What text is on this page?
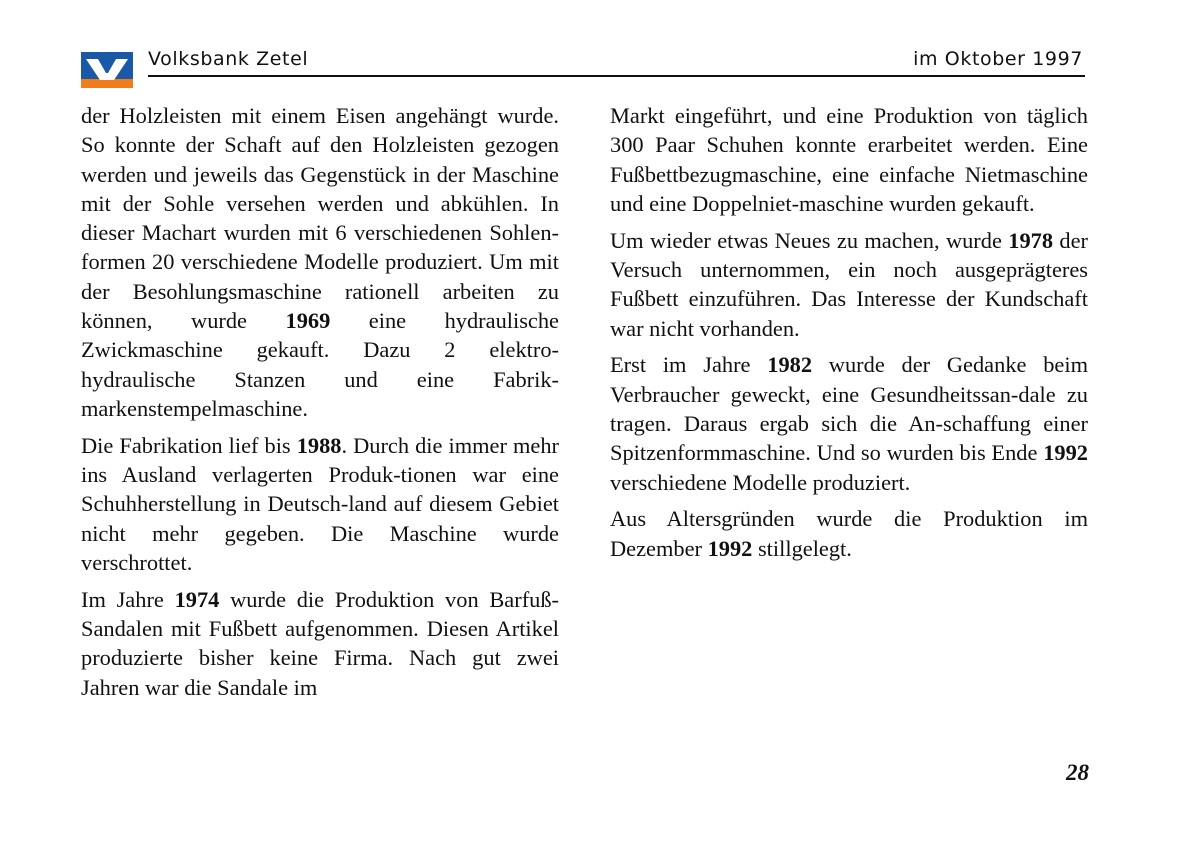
Volksbank Zetel	im Oktober 1997

der Holzleisten mit einem Eisen angehängt wurde. So konnte der Schaft auf den Holzleisten gezogen werden und jeweils das Gegenstück in der Maschine mit der Sohle versehen werden und abkühlen. In dieser Machart wurden mit 6 verschiedenen Sohlen-formen 20 verschiedene Modelle produziert. Um mit der Besohlungsmaschine rationell arbeiten zu können, wurde 1969 eine hydraulische Zwickmaschine gekauft. Dazu 2 elektro-hydraulische Stanzen und eine Fabrik-markenstempelmaschine.

Die Fabrikation lief bis 1988. Durch die immer mehr ins Ausland verlagerten Produk-tionen war eine Schuhherstellung in Deutsch-land auf diesem Gebiet nicht mehr gegeben. Die Maschine wurde verschrottet.

Im Jahre 1974 wurde die Produktion von Barfuß-Sandalen mit Fußbett aufgenommen. Diesen Artikel produzierte bisher keine Firma. Nach gut zwei Jahren war die Sandale im

Markt eingeführt, und eine Produktion von täglich 300 Paar Schuhen konnte erarbeitet werden. Eine Fußbettbezugmaschine, eine einfache Nietmaschine und eine Doppelniet-maschine wurden gekauft.

Um wieder etwas Neues zu machen, wurde 1978 der Versuch unternommen, ein noch ausgeprägteres Fußbett einzuführen. Das Interesse der Kundschaft war nicht vorhanden.

Erst im Jahre 1982 wurde der Gedanke beim Verbraucher geweckt, eine Gesundheitssan-dale zu tragen. Daraus ergab sich die An-schaffung einer Spitzenformmaschine. Und so wurden bis Ende 1992 verschiedene Modelle produziert.

Aus Altersgründen wurde die Produktion im Dezember 1992 stillgelegt.

28
